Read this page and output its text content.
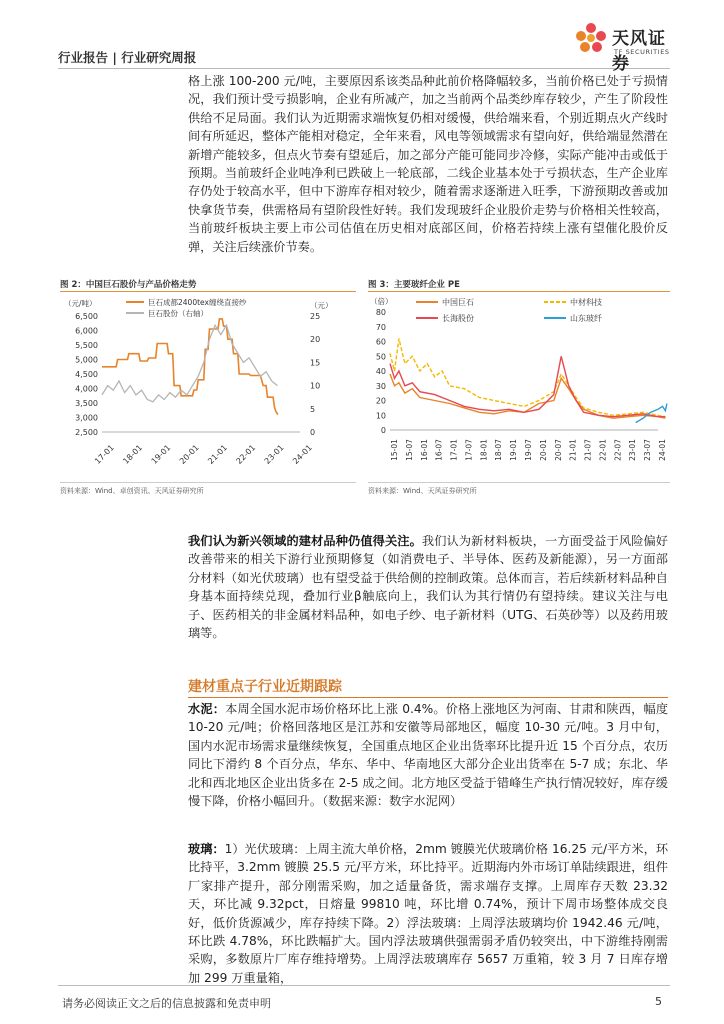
行业报告 | 行业研究周报
天风证券
TF SECURITIES
格上涨 100-200 元/吨，主要原因系该类品种此前价格降幅较多，当前价格已处于亏损情况，我们预计受亏损影响，企业有所减产，加之当前两个品类纱库存较少，产生了阶段性供给不足局面。我们认为近期需求端恢复仍相对缓慢，供给端来看，个别近期点火产线时间有所延迟，整体产能相对稳定，全年来看，风电等领域需求有望向好，供给端显然潜在新增产能较多，但点火节奏有望延后，加之部分产能可能同步冷修，实际产能冲击或低于预期。当前玻纤企业吨净利已跌破上一轮底部，二线企业基本处于亏损状态，生产企业库存仍处于较高水平，但中下游库存相对较少，随着需求逐渐进入旺季，下游预期改善或加快拿货节奏，供需格局有望阶段性好转。我们发现玻纤企业股价走势与价格相关性较高，当前玻纤板块主要上市公司估值在历史相对底部区间，价格若持续上涨有望催化股价反弹，关注后续涨价节奏。
图 2：中国巨石股价与产品价格走势
（元/吨）	（元）
6,500
6,000
5,500
5,000
4,500
4,000
3,500
3,000
2,500
25
20
15
10
5
0
17-01 18-01 19-01 20-01 21-01 22-01 23-01 24-01
巨石成都2400tex缠绕直接纱
巨石股份（右轴）
资料来源：Wind、卓创资讯、天风证券研究所
图 3：主要玻纤企业 PE
（倍）
80
70
60
50
40
30
20
10
0
15-01 15-07 16-01 16-07 17-01 17-07 18-01 18-07 19-01 19-07 20-01 20-07 21-01 21-07 22-01 22-07 23-01 23-07 24-01
中国巨石	中材科技
长海股份	山东玻纤
资料来源：Wind、天风证券研究所
我们认为新兴领域的建材品种仍值得关注。我们认为新材料板块，一方面受益于风险偏好改善带来的相关下游行业预期修复（如消费电子、半导体、医药及新能源），另一方面部分材料（如光伏玻璃）也有望受益于供给侧的控制政策。总体而言，若后续新材料品种自身基本面持续兑现，叠加行业β触底向上，我们认为其行情仍有望持续。建议关注与电子、医药相关的非金属材料品种，如电子纱、电子新材料（UTG、石英砂等）以及药用玻璃等。
建材重点子行业近期跟踪
水泥：本周全国水泥市场价格环比上涨 0.4%。价格上涨地区为河南、甘肃和陕西，幅度 10-20 元/吨；价格回落地区是江苏和安徽等局部地区，幅度 10-30 元/吨。3 月中旬，国内水泥市场需求量继续恢复，全国重点地区企业出货率环比提升近 15 个百分点，农历同比下滑约 8 个百分点，华东、华中、华南地区大部分企业出货率在 5-7 成；东北、华北和西北地区企业出货多在 2-5 成之间。北方地区受益于错峰生产执行情况较好，库存缓慢下降，价格小幅回升。（数据来源：数字水泥网）
玻璃：1）光伏玻璃：上周主流大单价格，2mm 镀膜光伏玻璃价格 16.25 元/平方米，环比持平，3.2mm 镀膜 25.5 元/平方米，环比持平。近期海内外市场订单陆续跟进，组件厂家排产提升，部分刚需采购，加之适量备货，需求端存支撑。上周库存天数 23.32 天，环比减 9.32pct，日熔量 99810 吨，环比增 0.74%，预计下周市场整体成交良好，低价货源减少，库存持续下降。2）浮法玻璃：上周浮法玻璃均价 1942.46 元/吨，环比跌 4.78%，环比跌幅扩大。国内浮法玻璃供强需弱矛盾仍较突出，中下游维持刚需采购，多数原片厂库存维持增势。上周浮法玻璃库存 5657 万重箱，较 3 月 7 日库存增加 299 万重量箱，
请务必阅读正文之后的信息披露和免责申明	5
